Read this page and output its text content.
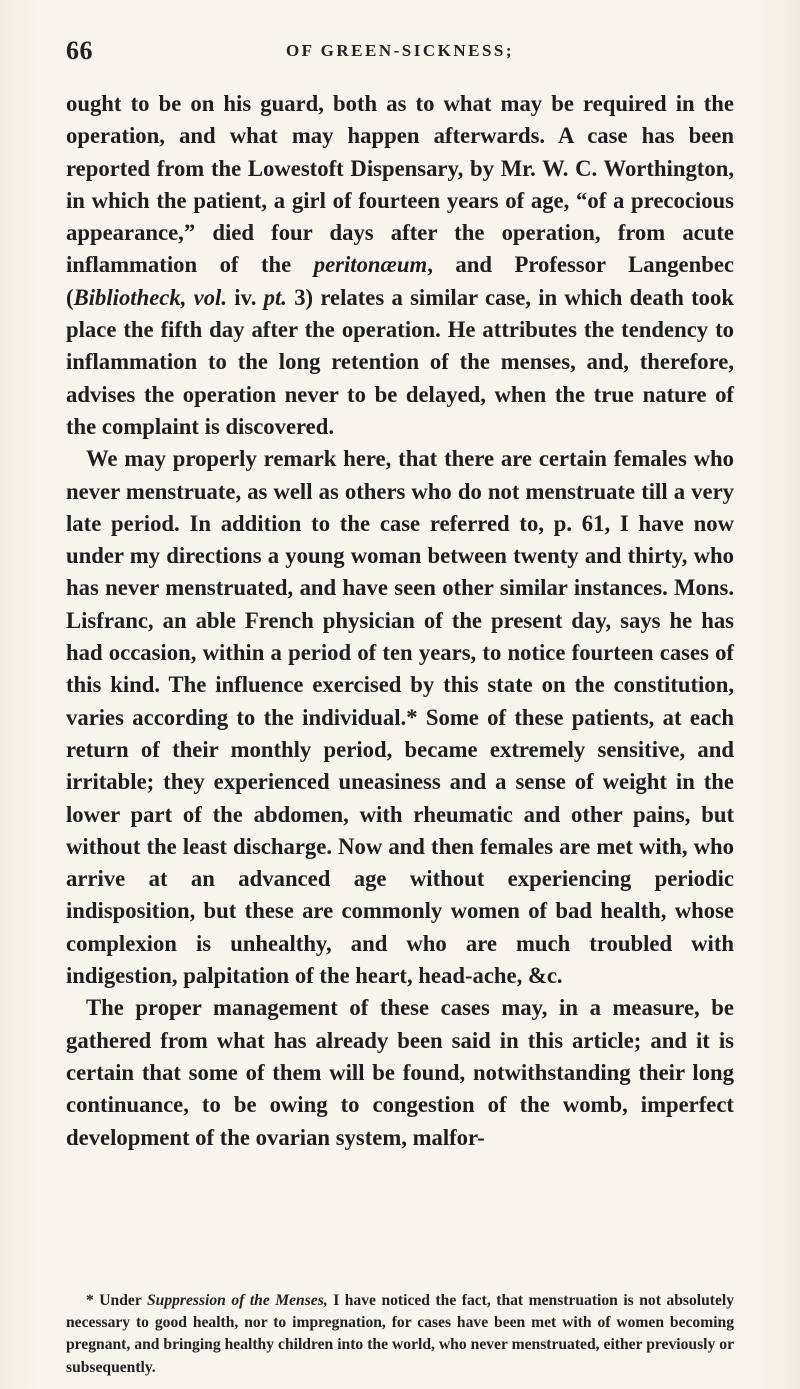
66	OF GREEN-SICKNESS;

ought to be on his guard, both as to what may be required in the operation, and what may happen afterwards. A case has been reported from the Lowestoft Dispensary, by Mr. W. C. Worthington, in which the patient, a girl of fourteen years of age, “of a precocious appearance,” died four days after the operation, from acute inflammation of the peritonæum, and Professor Langenbec (Bibliotheck, vol. iv. pt. 3) relates a similar case, in which death took place the fifth day after the operation. He attributes the tendency to inflammation to the long retention of the menses, and, therefore, advises the operation never to be delayed, when the true nature of the complaint is discovered.

We may properly remark here, that there are certain females who never menstruate, as well as others who do not menstruate till a very late period. In addition to the case referred to, p. 61, I have now under my directions a young woman between twenty and thirty, who has never menstruated, and have seen other similar instances. Mons. Lisfranc, an able French physician of the present day, says he has had occasion, within a period of ten years, to notice fourteen cases of this kind. The influence exercised by this state on the constitution, varies according to the individual.* Some of these patients, at each return of their monthly period, became extremely sensitive, and irritable; they experienced uneasiness and a sense of weight in the lower part of the abdomen, with rheumatic and other pains, but without the least discharge. Now and then females are met with, who arrive at an advanced age without experiencing periodic indisposition, but these are commonly women of bad health, whose complexion is unhealthy, and who are much troubled with indigestion, palpitation of the heart, head-ache, &c.

The proper management of these cases may, in a measure, be gathered from what has already been said in this article; and it is certain that some of them will be found, notwithstanding their long continuance, to be owing to congestion of the womb, imperfect development of the ovarian system, malfor-

* Under Suppression of the Menses, I have noticed the fact, that menstruation is not absolutely necessary to good health, nor to impregnation, for cases have been met with of women becoming pregnant, and bringing healthy children into the world, who never menstruated, either previously or subsequently.
